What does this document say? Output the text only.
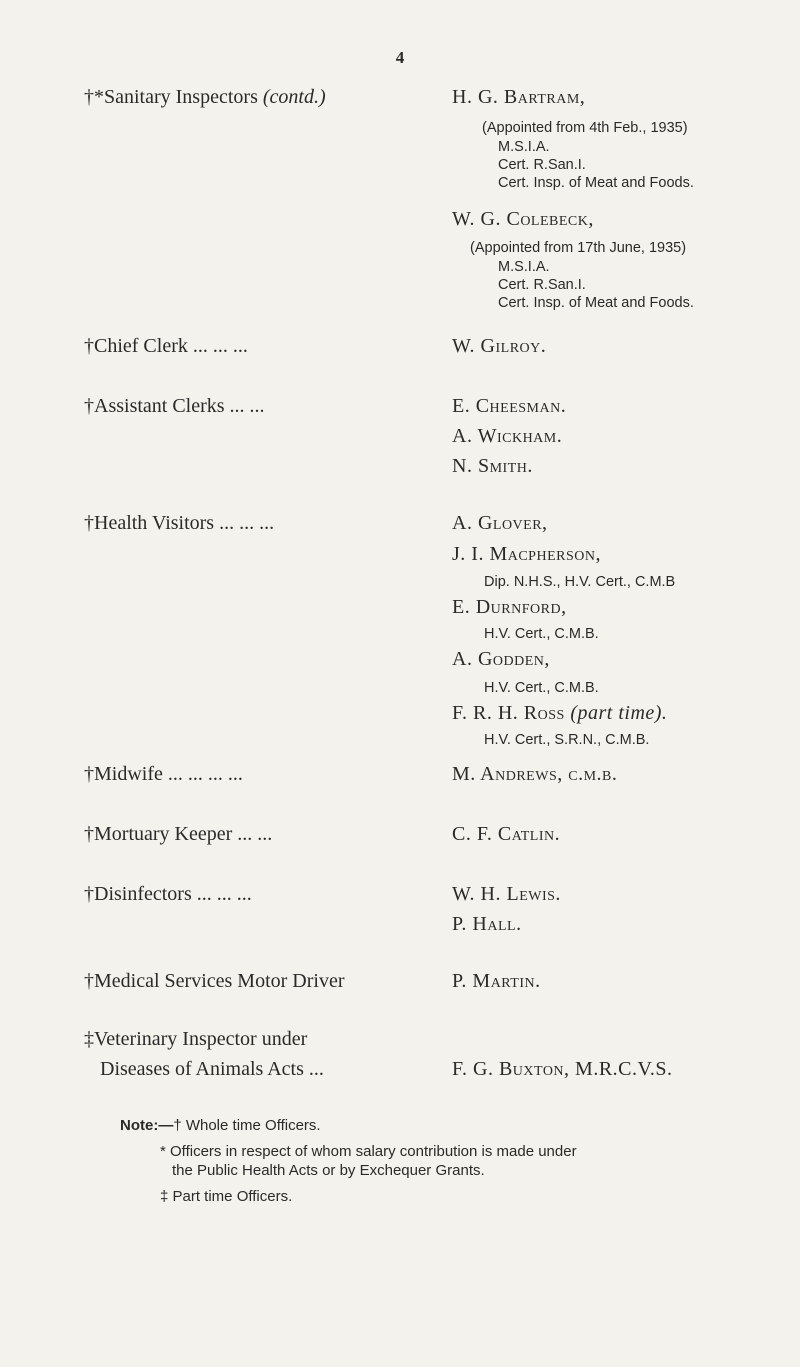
4
†*Sanitary Inspectors (contd.)	H. G. Bartram,
(Appointed from 4th Feb., 1935)
M.S.I.A.
Cert. R.San.I.
Cert. Insp. of Meat and Foods.
W. G. Colebeck,
(Appointed from 17th June, 1935)
M.S.I.A.
Cert. R.San.I.
Cert. Insp. of Meat and Foods.
†Chief Clerk ... ... ...	W. Gilroy.
†Assistant Clerks ... ...	E. Cheesman.
A. Wickham.
N. Smith.
†Health Visitors ... ... ...	A. Glover,
J. I. Macpherson,
Dip. N.H.S., H.V. Cert., C.M.B
E. Durnford,
H.V. Cert., C.M.B.
A. Godden,
H.V. Cert., C.M.B.
F. R. H. Ross (part time).
H.V. Cert., S.R.N., C.M.B.
†Midwife ... ... ... ...	M. Andrews, c.m.b.
†Mortuary Keeper ... ...	C. F. Catlin.
†Disinfectors ... ... ...	W. H. Lewis.
P. Hall.
†Medical Services Motor Driver	P. Martin.
‡Veterinary Inspector under
Diseases of Animals Acts ...	F. G. Buxton, M.R.C.V.S.
Note:—† Whole time Officers.
* Officers in respect of whom salary contribution is made under
the Public Health Acts or by Exchequer Grants.
‡ Part time Officers.
